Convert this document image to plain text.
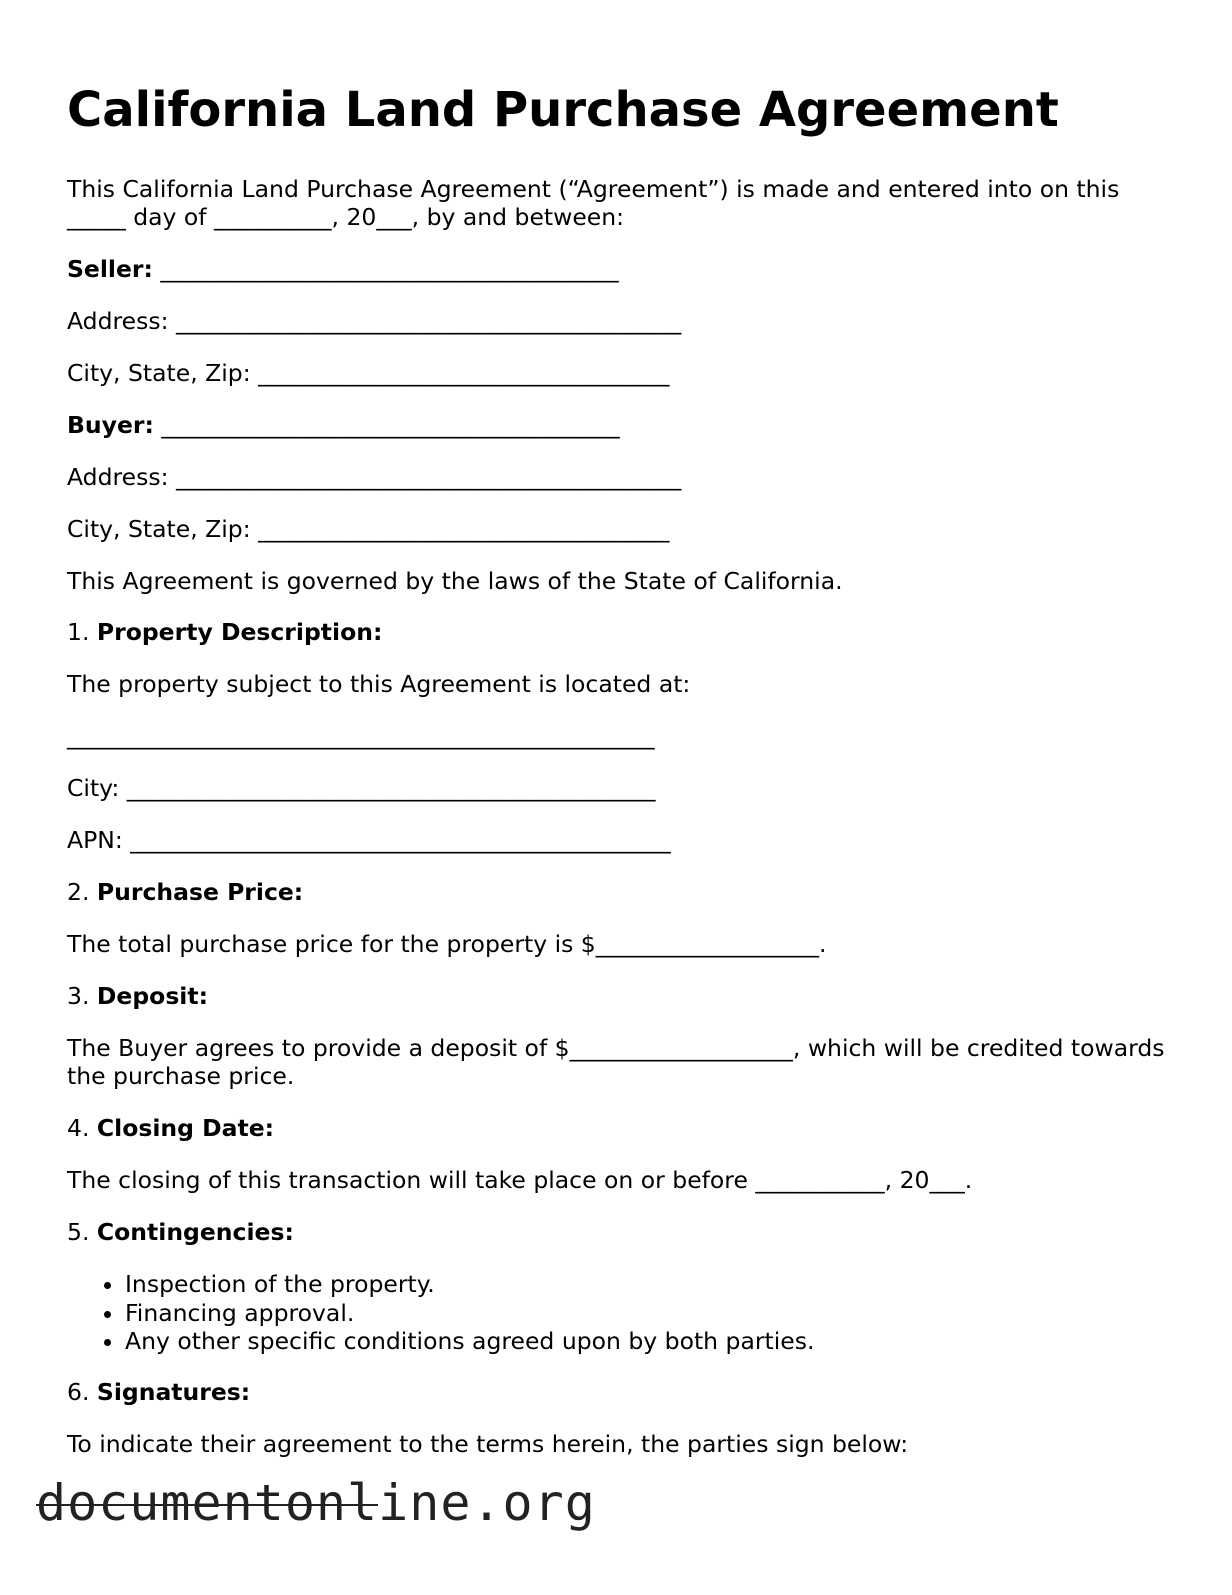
California Land Purchase Agreement

This California Land Purchase Agreement (“Agreement”) is made and entered into on this _____ day of __________, 20___, by and between:

Seller: _______________________________________

Address: ___________________________________________

City, State, Zip: ___________________________________

Buyer: _______________________________________

Address: ___________________________________________

City, State, Zip: ___________________________________

This Agreement is governed by the laws of the State of California.

1. Property Description:

The property subject to this Agreement is located at:

__________________________________________________

City: _____________________________________________

APN: ______________________________________________

2. Purchase Price:

The total purchase price for the property is $___________________.

3. Deposit:

The Buyer agrees to provide a deposit of $___________________, which will be credited towards the purchase price.

4. Closing Date:

The closing of this transaction will take place on or before ___________, 20___.

5. Contingencies:

• Inspection of the property.
• Financing approval.
• Any other specific conditions agreed upon by both parties.

6. Signatures:

To indicate their agreement to the terms herein, the parties sign below:

documentonline.org
